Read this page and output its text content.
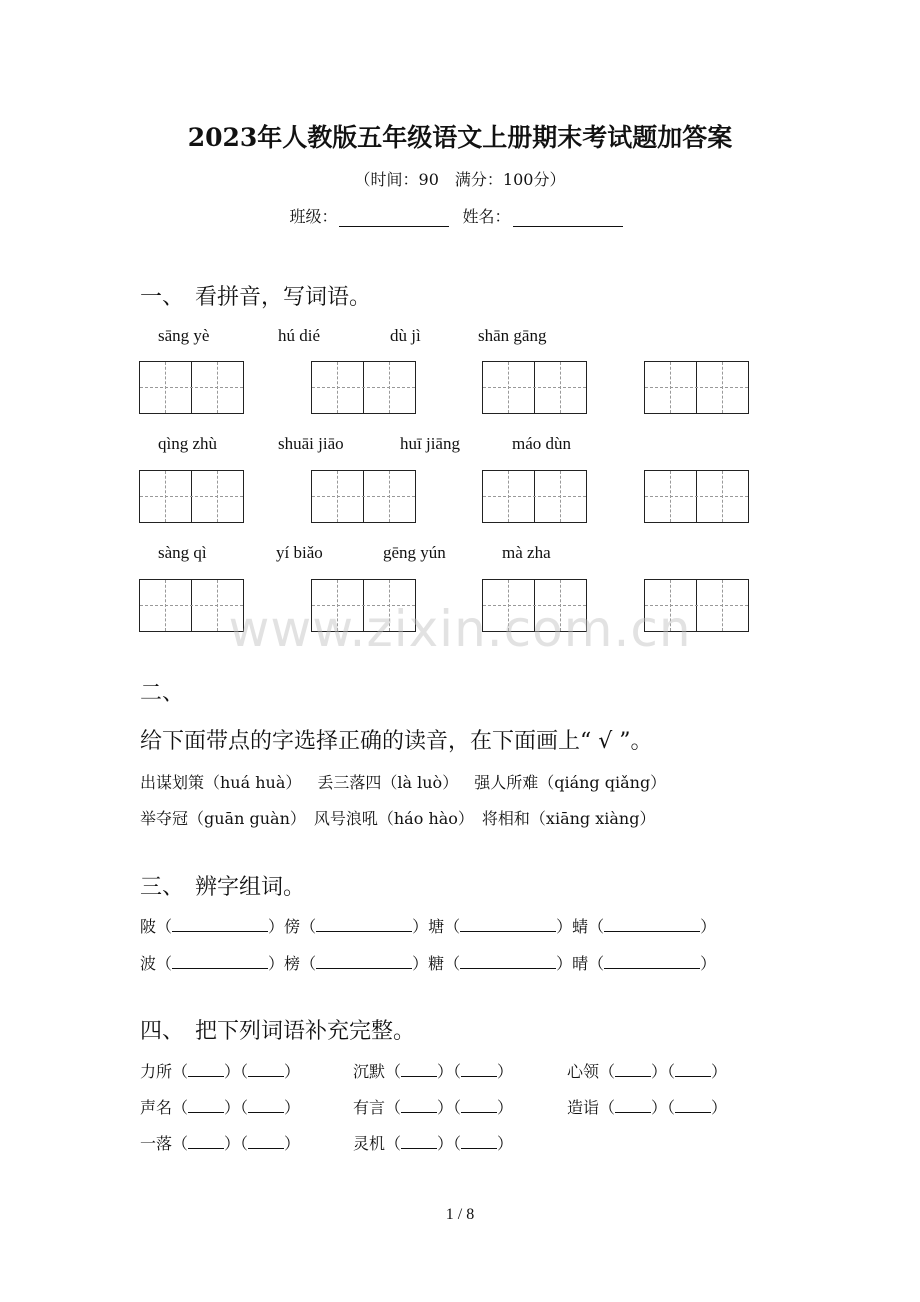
2023年人教版五年级语文上册期末考试题加答案
（时间：90　满分：100分）
班级：	姓名：
一、　看拼音，写词语。
sāng yè	hú dié	dù jì	shān gāng
qìng zhù	shuāi jiāo	huī jiāng	máo dùn
sàng qì	yí biǎo	gēng yún	mà zha
www.zixin.com.cn
二、
给下面带点的字选择正确的读音，在下面画上“ √ ”。
出谋划策（huá huà） 丢三落四（là luò） 强人所难（qiáng qiǎng）
举夺冠（guān guàn） 风号浪吼（háo hào） 将相和（xiāng xiàng）
三、　辨字组词。
陂（	）傍（	）塘（	）蜻（	）
波（	）榜（	）糖（	）晴（	）
四、　把下列词语补充完整。
力所（ ）（ ）	沉默（ ）（ ）	心领（ ）（ ）
声名（ ）（ ）	有言（ ）（ ）	造诣（ ）（ ）
一落（ ）（ ）	灵机（ ）（ ）
1 / 8
